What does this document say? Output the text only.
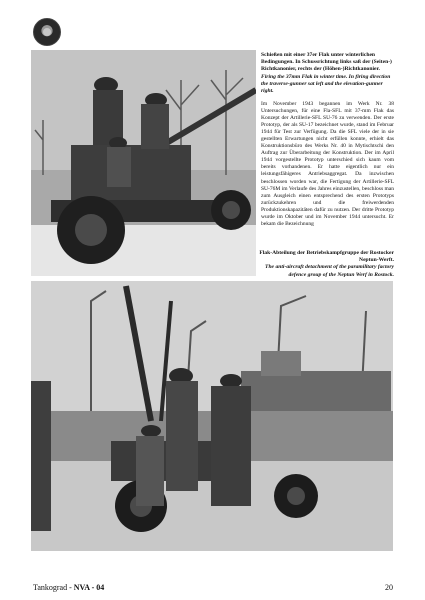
Schießen mit einer 37er Flak unter winterlichen Bedingungen. In Schussrichtung links saß der (Seiten-) Richtkanonier, rechts der (Höhen-)Richtkanonier.
Firing the 37mm Flak in winter time. In firing direction the traverse-gunner sat left and the elevation-gunner right.
Im November 1943 begannen im Werk Nr. 38 Untersuchungen, für eine Fla-SFL mit 37-mm Flak das Konzept der Artillerie-SFL SU-76 zu verwenden. Der erste Prototyp, der als SU-17 bezeichnet wurde, stand im Februar 1944 für Test zur Verfügung. Da die SFL viele der in sie gestellten Erwartungen nicht erfüllen konnte, erhielt das Konstruktionsbüro des Werks Nr. 40 in Mytischtschi den Auftrag zur Überarbeitung der Konstruktion. Der im April 1944 vorgestellte Prototyp unterschied sich kaum vom bereits vorhandenen. Er hatte eigentlich nur ein leistungsfähigeres Antriebsaggregat. Da inzwischen beschlossen worden war, die Fertigung der Artillerie-SFL SU-76M im Verlaufe des Jahres einzustellen, beschloss man zum Ausgleich einen entsprechend des ersten Prototyps zurückzukehren und die freiwerdenden Produktionskapazitäten dafür zu nutzen. Der dritte Prototyp wurde im Oktober und im November 1944 untersucht. Er bekam die Bezeichnung
Flak-Abteilung der Betriebskampfgruppe der Rostocker Neptun-Werft.
The anti-aircraft detachment of the paramilitary factory defence group of the Neptun Werf in Rostock.
Tankograd - NVA - 04	20
